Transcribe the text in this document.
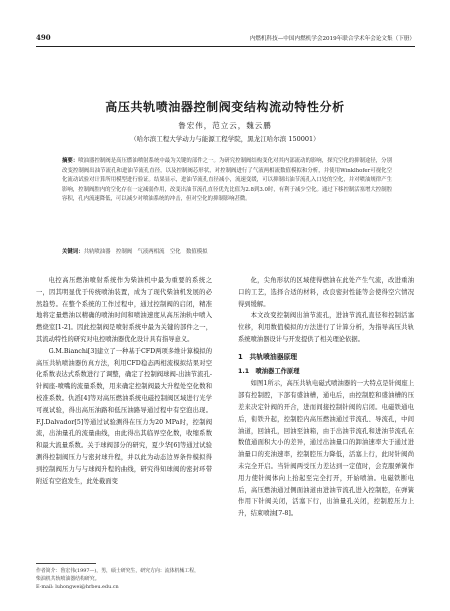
490	内燃机科技—中国内燃机学会2019年联合学术年会论文集（下册）
高压共轨喷油器控制阀变结构流动特性分析
鲁宏伟，范立云，魏云鹏
（哈尔滨工程大学动力与能源工程学院，黑龙江哈尔滨 150001）
摘要：喷油器控制阀是高压燃油喷射系统中最为关键的部件之一。为研究控制阀结构变化对其内部流动的影响，探究空化的抑制途径，分别改变控制阀出油节流孔和进油节流孔直径，以及控制阀芯形状，对控制阀进行了气液两相流数值模拟和分析，并使用Winklhofer可视化空化流动试验对计算所用模型进行验证。结果显示，进油节流孔直径减小，流速变缓，可以抑制出油节流孔入口处的空化，并对喷油规律产生影响，控制阀腔内的空化存在一定减弱作用，改变出油节流孔直径优先比值为2.8到3.0时，有利于减少空化。通过下移控制活塞增大控制腔容积，孔内流速降低，可以减少对喷油系统的冲击，但对空化的抑制影响甚微。
关键词：共轨喷油器　控制阀　气液两相流　空化　数值模拟

电控高压燃油喷射系统作为柴油机中最为重要的系统之一，因其明显优于传统喷油装置，成为了现代柴油机发展的必然趋势。在整个系统的工作过程中，通过控制阀的启闭，精准地将定量燃油以精确的喷油时间和喷油速度从高压油轨中喷入燃烧室[1-2]。因此控制阀是喷射系统中最为关键的部件之一，其流动特性的研究对电控喷油器优化设计具有指导意义。

G.M.Bianchi[3]建立了一种基于CFD两项多维计算模拟的高压共轨喷油器仿真方法，利用CFD稳态两相流模拟结果对空化系数表达式系数进行了调整，确定了控制阀球阀-出油节流孔-针阀座-喷嘴的流量系数，用来确定控制阀最大升程处空化数和校准系数。仇滔[4]等对高压燃油系统电磁控制阀区域进行光学可视试验，得出高压油路和低压油路导通过程中有空泡出现。F.J.Dalvador[5]等通过试验测得在压力为20 MPa时，控制阀流，出油量孔的流量曲线，由此得出其临界空化数，收缩系数和最大流量系数。关于球阀部分的研究，夏少华[6]等通过试验测得控制阀压力与密封球升程，并以此为动态边界条件模拟得到控制阀压力与与球阀升程的曲线，研究得知球阀的密封环带附近有空泡发生，此处截面变

化，尖角形状的区域使得燃油在此处产生气流，改进重油口的工艺，选择合适的材料，改良密封性能等会使得空穴情况得到缓解。

本文改变控制阀出油节流孔，进油节流孔直径和控制活塞位移，利用数值模拟的方法进行了计算分析，为指导高压共轨系统喷油器设计与开发提供了相关理论依据。

1　共轨喷油器原理

1.1　喷油器工作原理

如图1所示，高压共轨电磁式喷油器的一大特点是针阀座上部有控制腔，下部有盛油槽，通电后，由控制腔和盛油槽的压差来决定针阀的开合，进而间接控制针阀的启闭。电磁铁通电后，衔铁升起，控制腔内高压燃油通过节流孔、导流孔，中间油道，回油孔，回油至油箱，由于出油节流孔和进油节流孔在数值通面积大小的差异，通过出油量口的卸油速率大于通过进油量口的充油速率，控制腔压力降低，活塞上行，此时针阀尚未完全开启。当针阀两受压力差达到一定值时，会克服弹簧作用力使针阀体向上抬起至完全打开，开始喷油。电磁铁断电后，高压燃油通过侧面油道由进油节流孔进入控制腔，在弹簧作用下针阀关闭，活塞下行，出油量孔关闭，控制腔压力上升，结束喷油[7-8]。

作者简介：鲁宏伟(1997—)，男，硕士研究生，研究方向：流体机械工程，
柴油机共轨喷油器结构研究。
E-mail: luhongwei@hrbeu.edu.cn
